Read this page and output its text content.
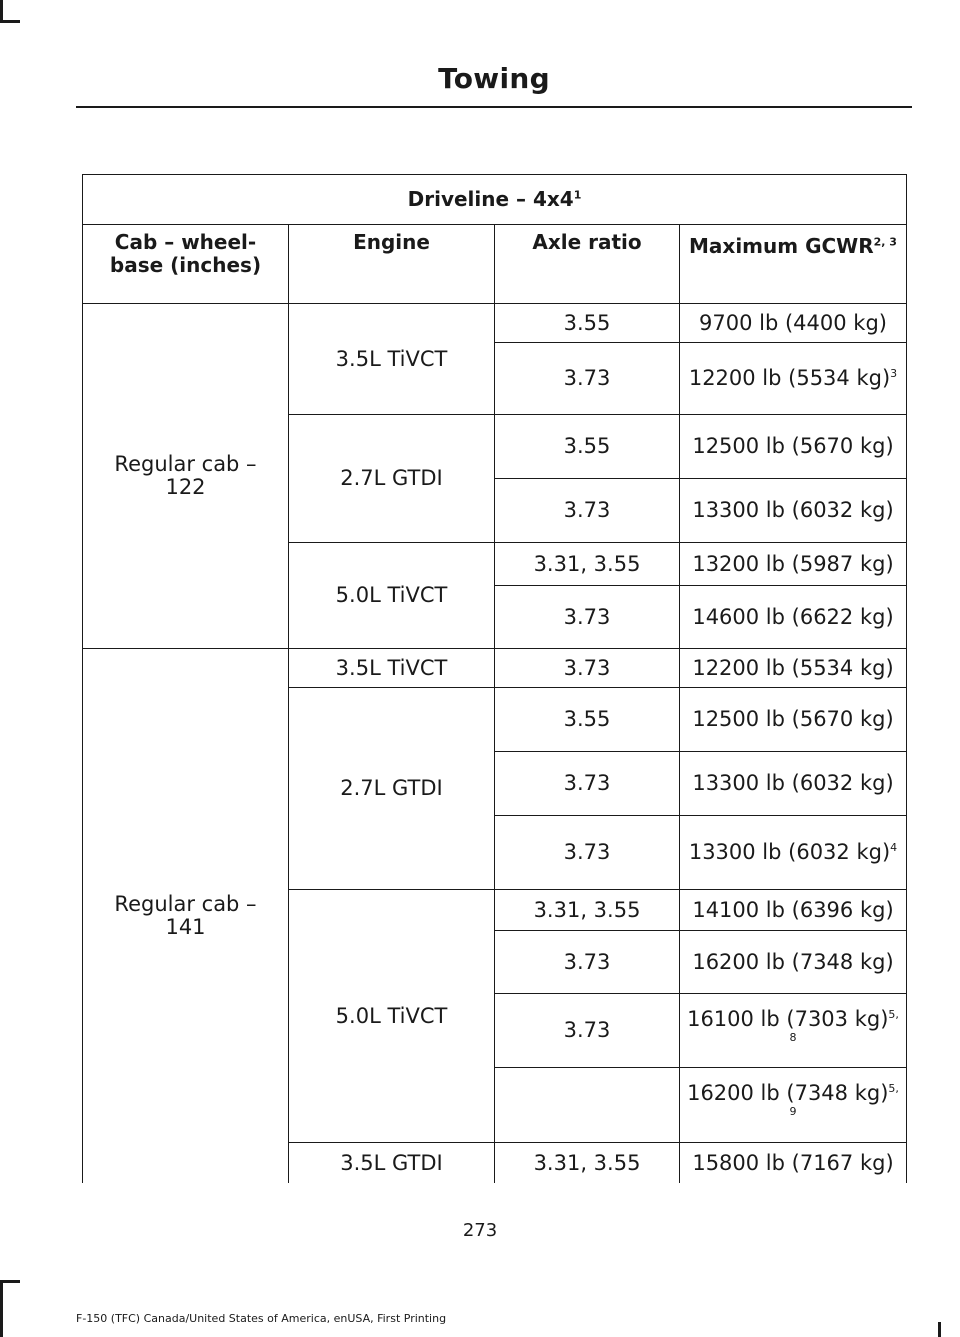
Towing
Driveline – $4x4^1$
Cab – wheel-base (inches)	Engine	Axle ratio	Maximum GCWR$^{2, 3}$
Regular cab – 122	3.5L TiVCT	3.55	9700 lb (4400 kg)
		3.73	12200 lb (5534 kg)$^3$
	2.7L GTDI	3.55	12500 lb (5670 kg)
		3.73	13300 lb (6032 kg)
	5.0L TiVCT	3.31, 3.55	13200 lb (5987 kg)
		3.73	14600 lb (6622 kg)
Regular cab – 141	3.5L TiVCT	3.73	12200 lb (5534 kg)
	2.7L GTDI	3.55	12500 lb (5670 kg)
		3.73	13300 lb (6032 kg)
		3.73	13300 lb (6032 kg)$^4$
	5.0L TiVCT	3.31, 3.55	14100 lb (6396 kg)
		3.73	16200 lb (7348 kg)
		3.73	16100 lb (7303 kg)$^{5, 8}$
			16200 lb (7348 kg)$^{5, 9}$
	3.5L GTDI	3.31, 3.55	15800 lb (7167 kg)
273
F-150 (TFC) Canada/United States of America, enUSA, First Printing
